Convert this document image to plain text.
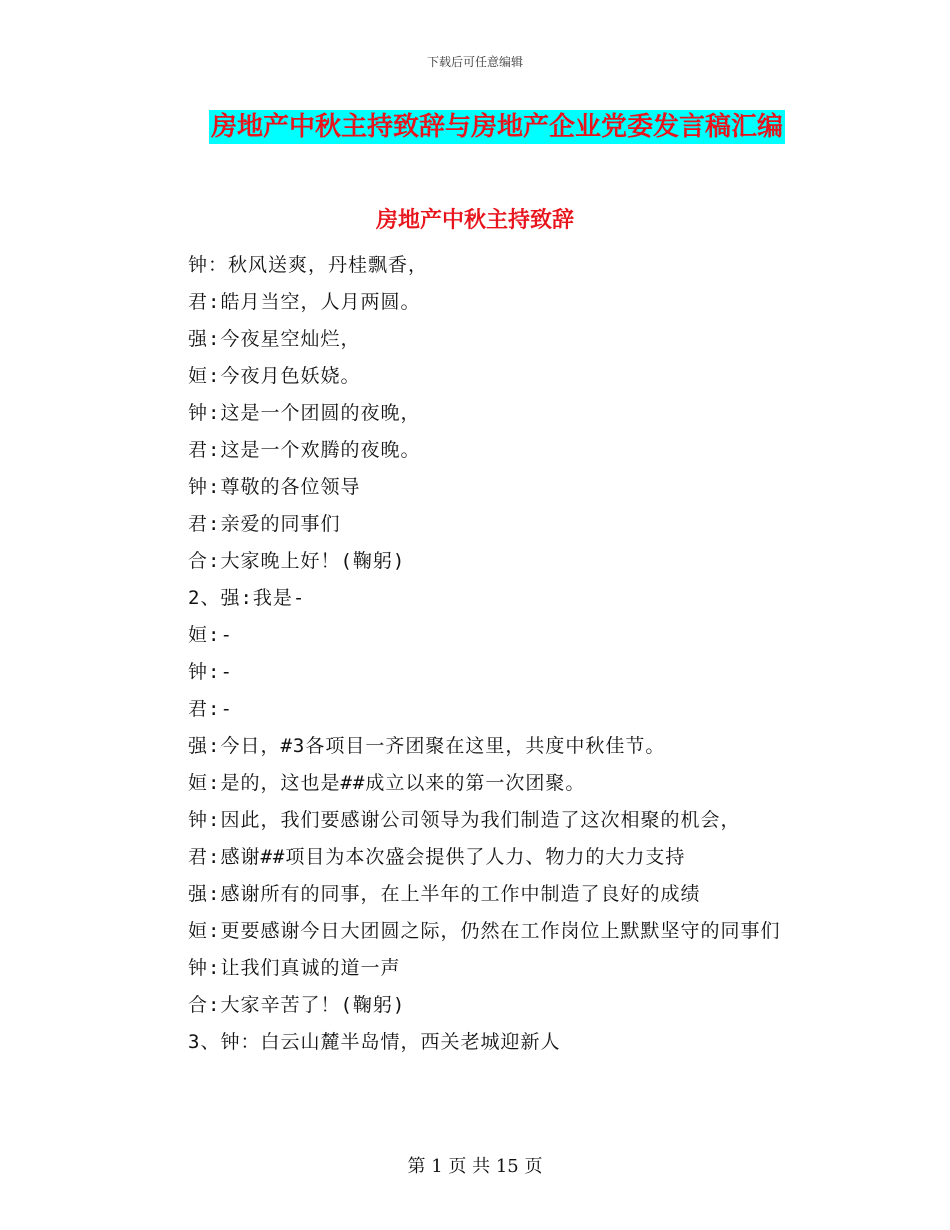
下载后可任意编辑
房地产中秋主持致辞与房地产企业党委发言稿汇编
房地产中秋主持致辞

钟：秋风送爽，丹桂飘香，

君:皓月当空，人月两圆。

强:今夜星空灿烂，

姮:今夜月色妖娆。

钟:这是一个团圆的夜晚，

君:这是一个欢腾的夜晚。

钟:尊敬的各位领导

君:亲爱的同事们

合:大家晚上好！(鞠躬)

2、强:我是-

姮:-

钟:-

君:-

强:今日，#3各项目一齐团聚在这里，共度中秋佳节。

姮:是的，这也是##成立以来的第一次团聚。

钟:因此，我们要感谢公司领导为我们制造了这次相聚的机会，

君:感谢##项目为本次盛会提供了人力、物力的大力支持

强:感谢所有的同事，在上半年的工作中制造了良好的成绩

姮:更要感谢今日大团圆之际，仍然在工作岗位上默默坚守的同事们

钟:让我们真诚的道一声

合:大家辛苦了！(鞠躬)

3、钟：白云山麓半岛情，西关老城迎新人

第 1 页 共 15 页
